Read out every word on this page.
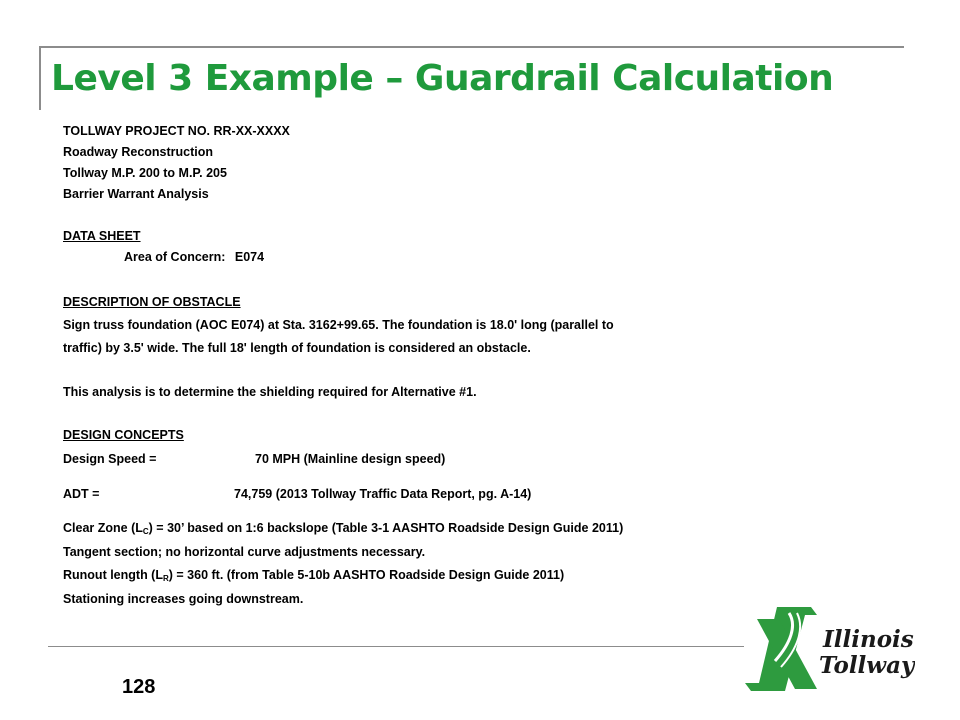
Level 3 Example – Guardrail Calculation
TOLLWAY PROJECT NO. RR-XX-XXXX
Roadway Reconstruction
Tollway M.P. 200 to M.P. 205
Barrier Warrant Analysis
DATA SHEET
Area of Concern: E074
DESCRIPTION OF OBSTACLE
Sign truss foundation (AOC E074) at Sta. 3162+99.65. The foundation is 18.0' long (parallel to
traffic) by 3.5' wide. The full 18' length of foundation is considered an obstacle.
This analysis is to determine the shielding required for Alternative #1.
DESIGN CONCEPTS
Design Speed =	70 MPH (Mainline design speed)
ADT =	74,759 (2013 Tollway Traffic Data Report, pg. A-14)
Clear Zone $(L_C) = 30$’ based on 1:6 backslope (Table 3-1 AASHTO Roadside Design Guide 2011)
Tangent section; no horizontal curve adjustments necessary.
Runout length $(L_R) = 360$ ft. (from Table 5-10b AASHTO Roadside Design Guide 2011)
Stationing increases going downstream.
128
Illinois
Tollway
